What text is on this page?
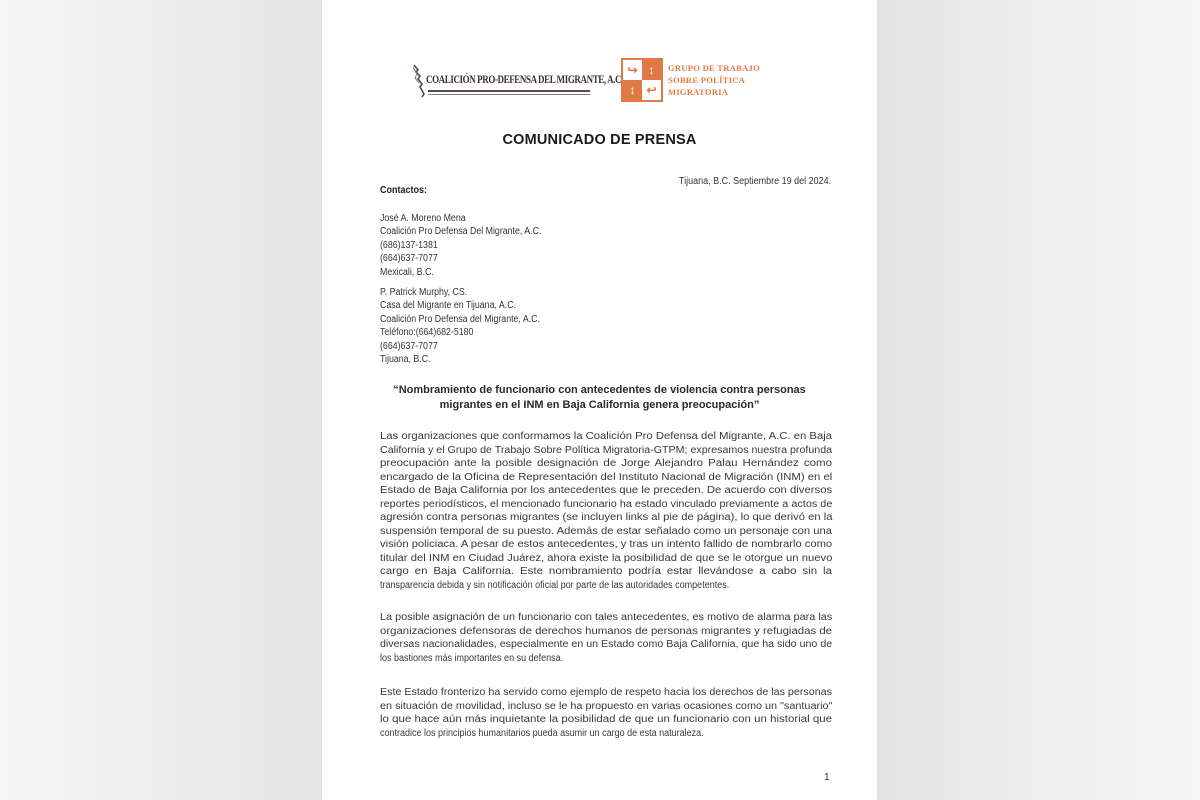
COALICIÓN PRO-DEFENSA DEL MIGRANTE, A.C.
↪ ↕
↕ ↩
GRUPO DE TRABAJO
SOBRE POLÍTICA
MIGRATORIA
COMUNICADO DE PRENSA
Tijuana, B.C. Septiembre 19 del 2024.
Contactos:
José A. Moreno Mena
Coalición Pro Defensa Del Migrante, A.C.
(686)137-1381
(664)637-7077
Mexicali, B.C.
P. Patrick Murphy, CS.
Casa del Migrante en Tijuana, A.C.
Coalición Pro Defensa del Migrante, A.C.
Teléfono:(664)682-5180
(664)637-7077
Tijuana, B.C.
“Nombramiento de funcionario con antecedentes de violencia contra personas
migrantes en el INM en Baja California genera preocupación”
Las organizaciones que conformamos la Coalición Pro Defensa del Migrante, A.C. en Baja
California y el Grupo de Trabajo Sobre Política Migratoria-GTPM; expresamos nuestra profunda
preocupación ante la posible designación de Jorge Alejandro Palau Hernández como
encargado de la Oficina de Representación del Instituto Nacional de Migración (INM) en el
Estado de Baja California por los antecedentes que le preceden. De acuerdo con diversos
reportes periodísticos, el mencionado funcionario ha estado vinculado previamente a actos de
agresión contra personas migrantes (se incluyen links al pie de página), lo que derivó en la
suspensión temporal de su puesto. Además de estar señalado como un personaje con una
visión policiaca. A pesar de estos antecedentes, y tras un intento fallido de nombrarlo como
titular del INM en Ciudad Juárez, ahora existe la posibilidad de que se le otorgue un nuevo
cargo en Baja California. Este nombramiento podría estar llevándose a cabo sin la
transparencia debida y sin notificación oficial por parte de las autoridades competentes.
La posible asignación de un funcionario con tales antecedentes, es motivo de alarma para las
organizaciones defensoras de derechos humanos de personas migrantes y refugiadas de
diversas nacionalidades, especialmente en un Estado como Baja California, que ha sido uno de
los bastiones más importantes en su defensa.
Este Estado fronterizo ha servido como ejemplo de respeto hacia los derechos de las personas
en situación de movilidad, incluso se le ha propuesto en varias ocasiones como un "santuario"
lo que hace aún más inquietante la posibilidad de que un funcionario con un historial que
contradice los principios humanitarios pueda asumir un cargo de esta naturaleza.
1
